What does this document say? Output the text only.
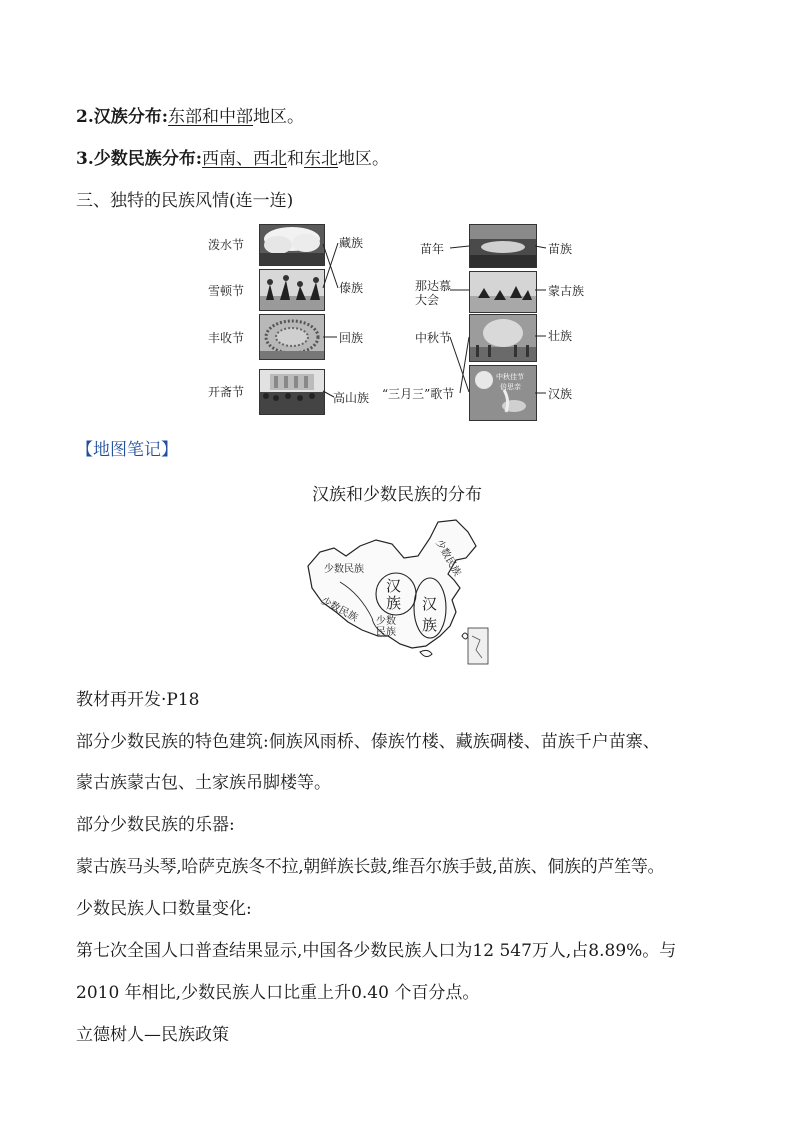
2.汉族分布:东部和中部地区。
3.少数民族分布:西南、西北和东北地区。
三、独特的民族风情(连一连)
泼水节
雪顿节
丰收节
开斋节
藏族
傣族
回族
高山族
苗年
那达慕
大会
中秋节
“三月三”歌节
中秋佳节
倍思亲
苗族
蒙古族
壮族
汉族
【地图笔记】
汉族和少数民族的分布
少数民族
少数民族 少数
民族
少数民族
汉
族 汉
族
教材再开发·P18
部分少数民族的特色建筑:侗族风雨桥、傣族竹楼、藏族碉楼、苗族千户苗寨、
蒙古族蒙古包、土家族吊脚楼等。
部分少数民族的乐器:
蒙古族马头琴,哈萨克族冬不拉,朝鲜族长鼓,维吾尔族手鼓,苗族、侗族的芦笙等。
少数民族人口数量变化:
第七次全国人口普查结果显示,中国各少数民族人口为12 547万人,占8.89%。与
2010 年相比,少数民族人口比重上升0.40 个百分点。
立德树人—民族政策
